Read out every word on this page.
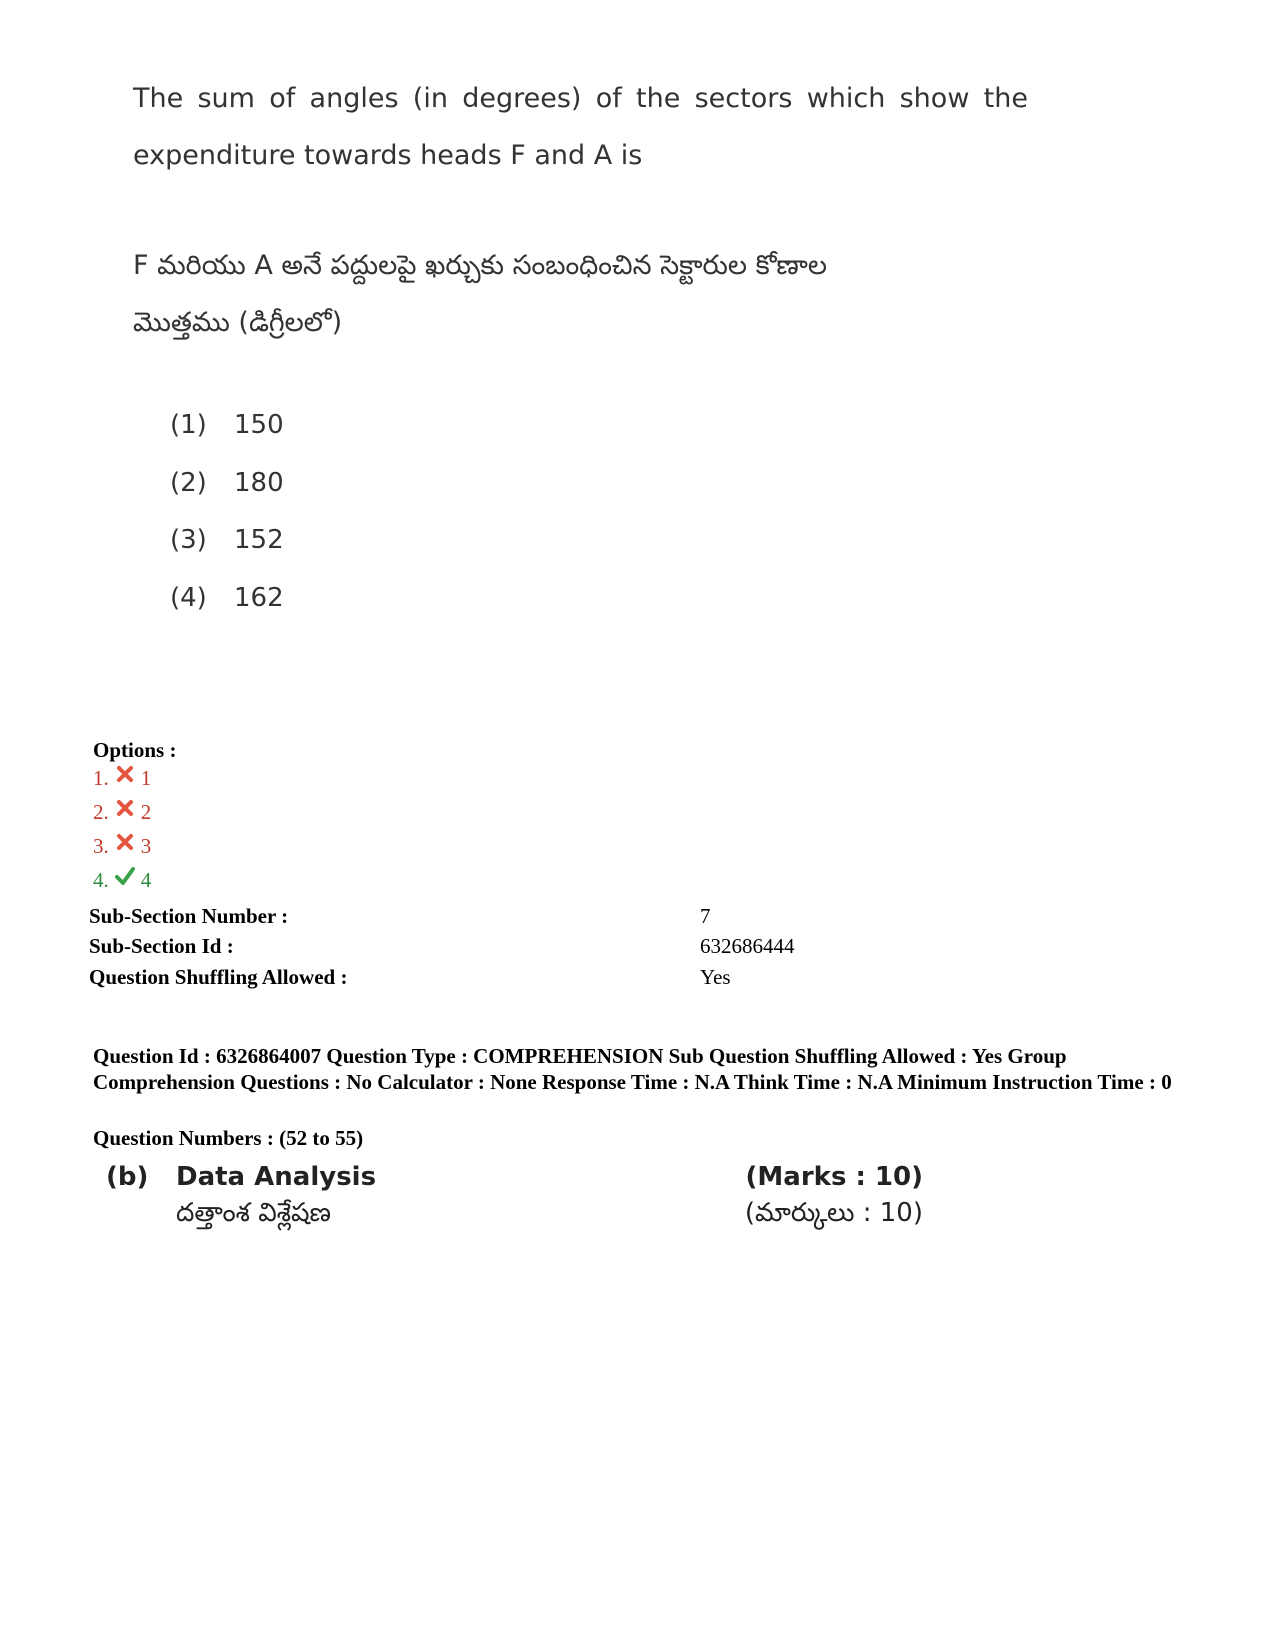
The sum of angles (in degrees) of the sectors which show the expenditure towards heads F and A is
F మరియు A అనే పద్దులపై ఖర్చుకు సంబంధించిన సెక్టారుల కోణాల
మొత్తము (డిగ్రీలలో)
(1)	150
(2)	180
(3)	152
(4)	162
Options :
1. 1
2. 2
3. 3
4. 4
Sub-Section Number :	7
Sub-Section Id :	632686444
Question Shuffling Allowed :	Yes
Question Id : 6326864007 Question Type : COMPREHENSION Sub Question Shuffling Allowed : Yes Group Comprehension Questions : No Calculator : None Response Time : N.A Think Time : N.A Minimum Instruction Time : 0
Question Numbers : (52 to 55)
(b) Data Analysis
దత్తాంశ విశ్లేషణ
(Marks : 10)
(మార్కులు : 10)
